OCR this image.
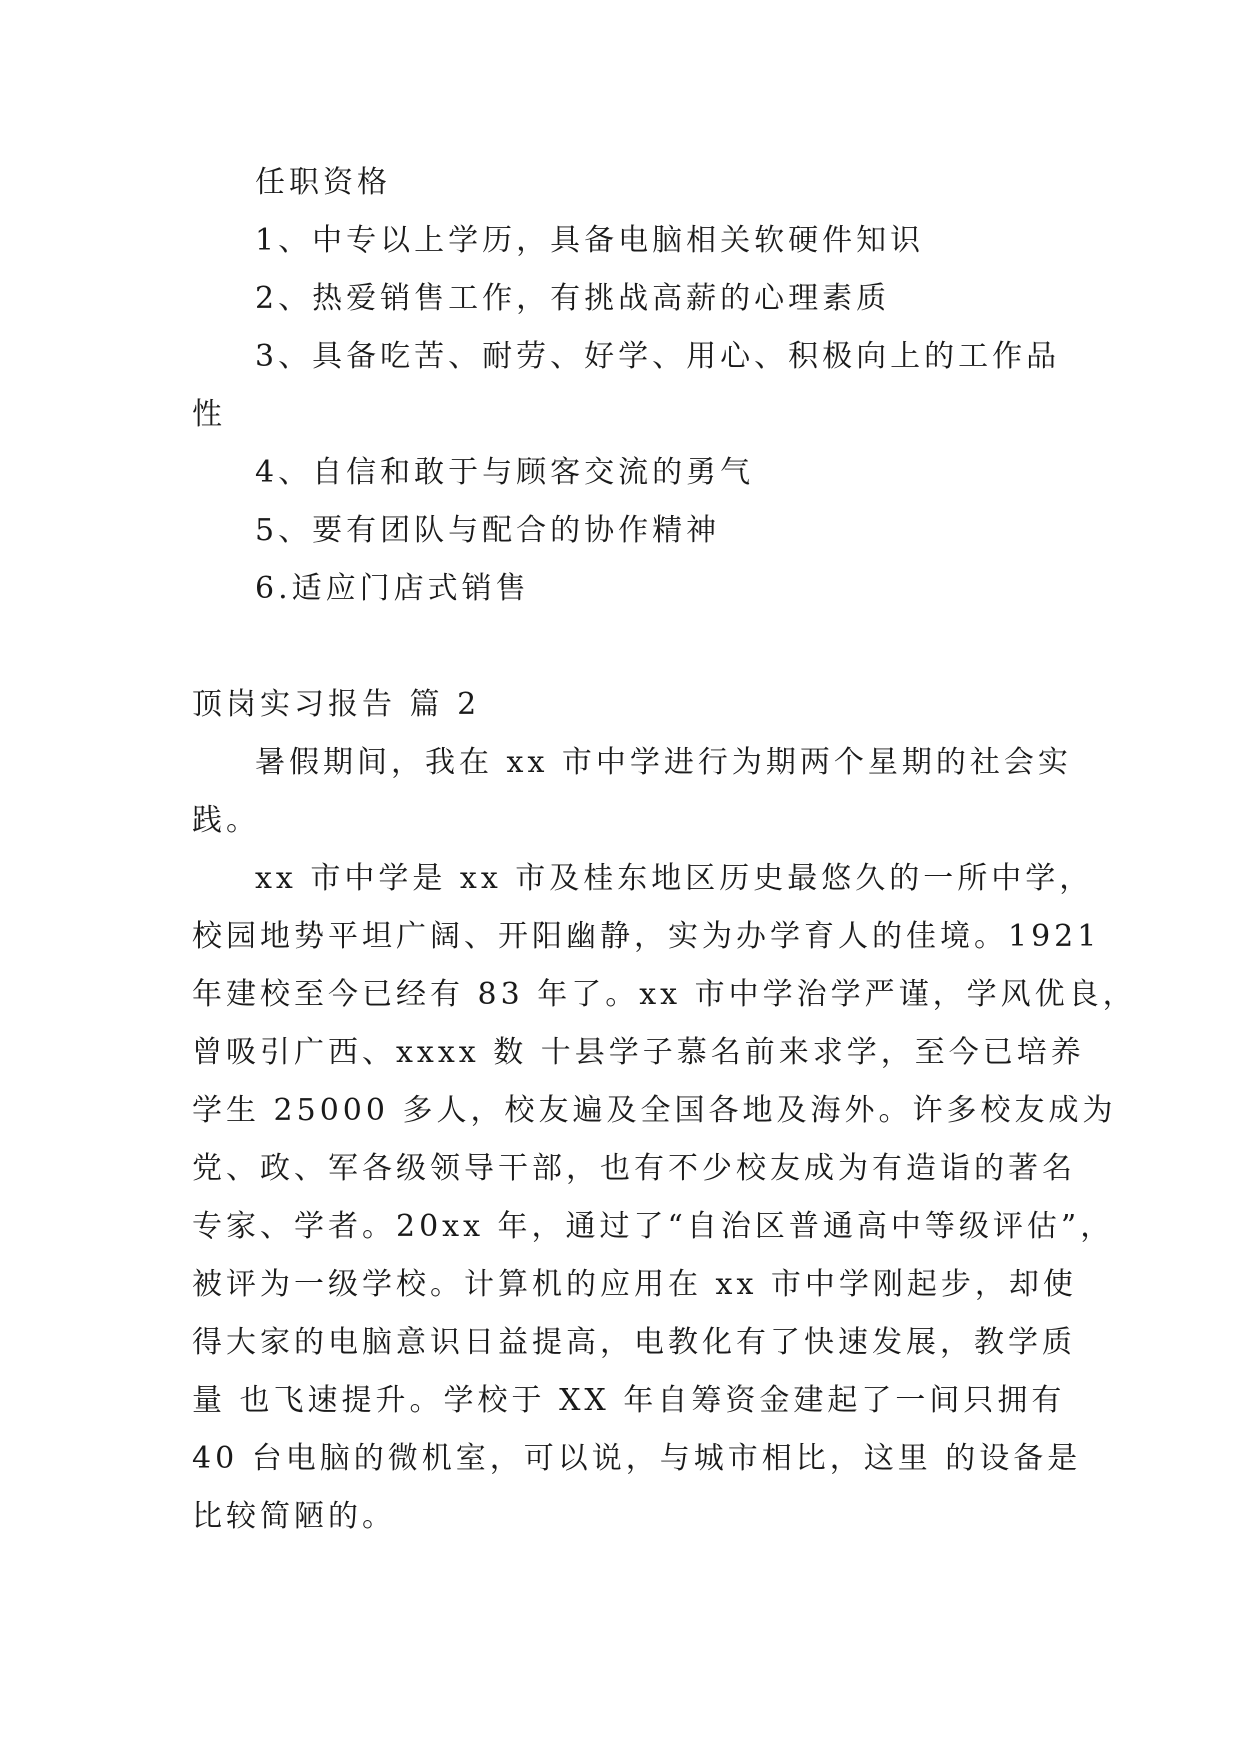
任职资格
1、中专以上学历，具备电脑相关软硬件知识
2、热爱销售工作，有挑战高薪的心理素质
3、具备吃苦、耐劳、好学、用心、积极向上的工作品
性
4、自信和敢于与顾客交流的勇气
5、要有团队与配合的协作精神
6.适应门店式销售
顶岗实习报告 篇 2
暑假期间，我在 xx 市中学进行为期两个星期的社会实
践。
xx 市中学是 xx 市及桂东地区历史最悠久的一所中学，
校园地势平坦广阔、开阳幽静，实为办学育人的佳境。1921
年建校至今已经有 83 年了。xx 市中学治学严谨，学风优良，
曾吸引广西、xxxx 数 十县学子慕名前来求学，至今已培养
学生 25000 多人，校友遍及全国各地及海外。许多校友成为
党、政、军各级领导干部，也有不少校友成为有造诣的著名
专家、学者。20xx 年，通过了“自治区普通高中等级评估”，
被评为一级学校。计算机的应用在 xx 市中学刚起步，却使
得大家的电脑意识日益提高，电教化有了快速发展，教学质
量 也飞速提升。学校于 XX 年自筹资金建起了一间只拥有
40 台电脑的微机室，可以说，与城市相比，这里 的设备是
比较简陋的。
